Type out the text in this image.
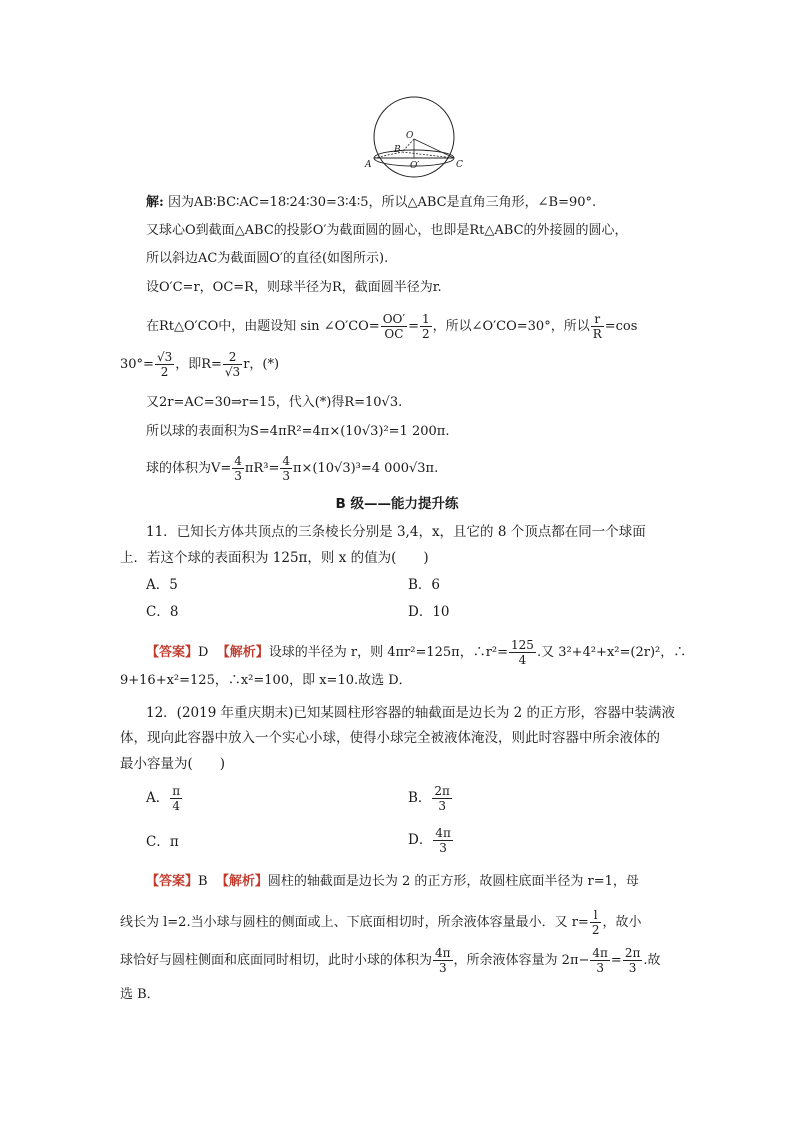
O
B
A	O′	C
解: 因为AB∶BC∶AC=18∶24∶30=3∶4∶5，所以△ABC是直角三角形，∠B=90°.
又球心O到截面△ABC的投影O′为截面圆的圆心，也即是Rt△ABC的外接圆的圆心，
所以斜边AC为截面圆O′的直径(如图所示).
设O′C=r，OC=R，则球半径为R，截面圆半径为r.
在Rt△O′CO中，由题设知 sin ∠O′CO= $\frac{OO'}{OC} = \frac{1}{2}$ ，所以∠O′CO=30°，所以 $\frac{r}{R} =\cos$
$30^\circ= \frac{√3}{2}$ ，即$R= \frac{2}{√3}$ r，(*)
又2r=AC=30⇒r=15，代入(*)得R=10√3.
所以球的表面积为S=4πR²=4π×(10√3)²=1 200π.
球的体积为$V= \frac{4}{3} \pi R^3= \frac{4}{3} \pi\times(10√3)^3=4$ 000√3π.
B 级——能力提升练
11．已知长方体共顶点的三条棱长分别是 3,4，x，且它的 8 个顶点都在同一个球面
上．若这个球的表面积为 125π，则 x 的值为(　　)
A．5	B．6
C．8	D．10
【答案】D 【解析】设球的半径为 r，则 4πr²=125π，∴r²= $\frac{125}{4}$ .又 3²+4²+x²=(2r)²，∴
9+16+x²=125，∴x²=100，即 x=10.故选 D．
12．(2019 年重庆期末)已知某圆柱形容器的轴截面是边长为 2 的正方形，容器中装满液
体，现向此容器中放入一个实心小球，使得小球完全被液体淹没，则此时容器中所余液体的
最小容量为(　　)
A． $\frac{\pi}{4}$	B． $\frac{2\pi}{3}$
C．π	D． $\frac{4\pi}{3}$
【答案】B 【解析】圆柱的轴截面是边长为 2 的正方形，故圆柱底面半径为 r=1，母
线长为 l=2.当小球与圆柱的侧面或上、下底面相切时，所余液体容量最小．又 $r= \frac{l}{2}$ ，故小
球恰好与圆柱侧面和底面同时相切，此时小球的体积为 $\frac{4\pi}{3}$ ，所余液体容量为 $2\pi- \frac{4\pi}{3} = \frac{2\pi}{3}$ .故
选 B．
